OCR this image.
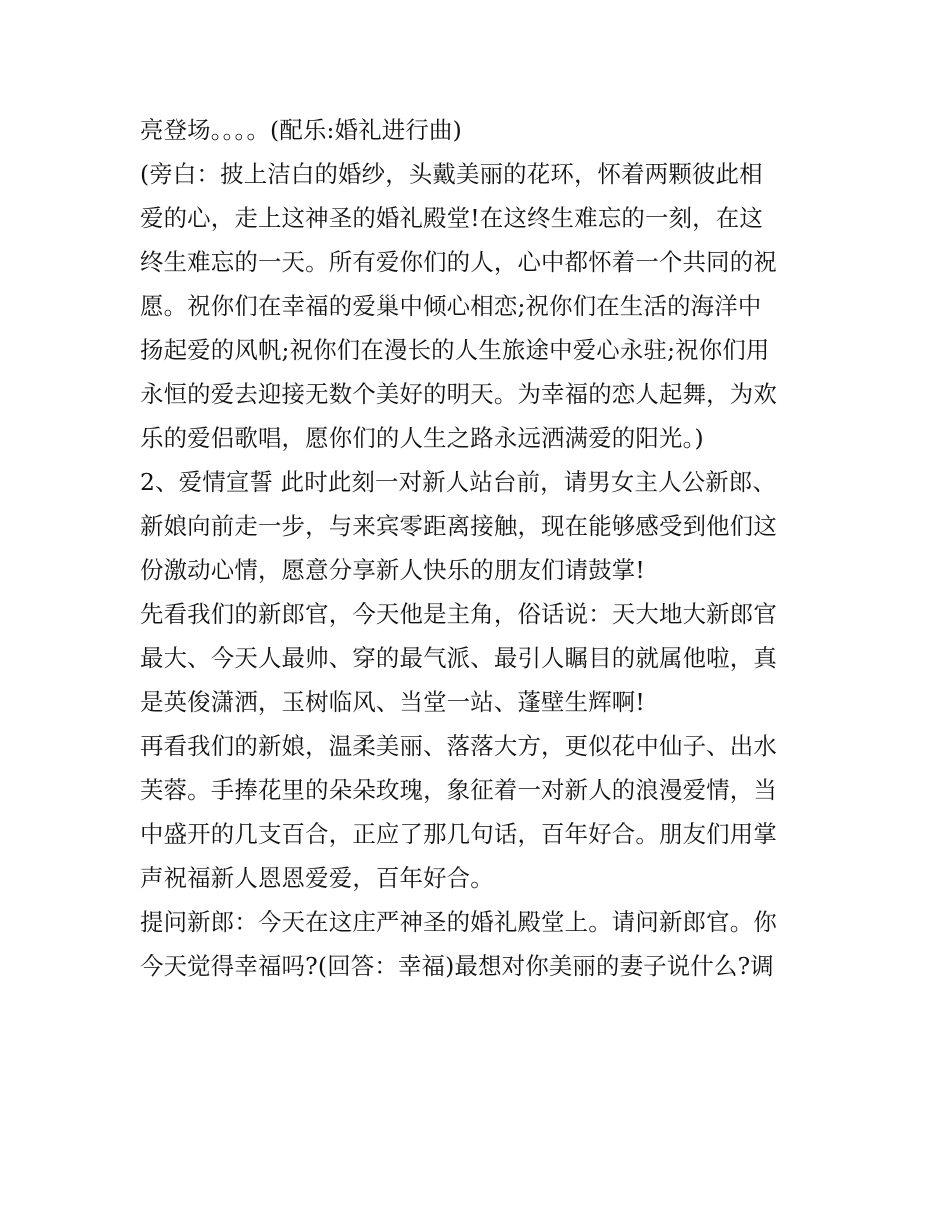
亮登场。。。。(配乐:婚礼进行曲)
(旁白：披上洁白的婚纱，头戴美丽的花环，怀着两颗彼此相
爱的心，走上这神圣的婚礼殿堂!在这终生难忘的一刻，在这
终生难忘的一天。所有爱你们的人，心中都怀着一个共同的祝
愿。祝你们在幸福的爱巢中倾心相恋;祝你们在生活的海洋中
扬起爱的风帆;祝你们在漫长的人生旅途中爱心永驻;祝你们用
永恒的爱去迎接无数个美好的明天。为幸福的恋人起舞，为欢
乐的爱侣歌唱，愿你们的人生之路永远洒满爱的阳光。)
2、爱情宣誓 此时此刻一对新人站台前，请男女主人公新郎、
新娘向前走一步，与来宾零距离接触，现在能够感受到他们这
份激动心情，愿意分享新人快乐的朋友们请鼓掌!
先看我们的新郎官，今天他是主角，俗话说：天大地大新郎官
最大、今天人最帅、穿的最气派、最引人瞩目的就属他啦，真
是英俊潇洒，玉树临风、当堂一站、蓬壁生辉啊!
再看我们的新娘，温柔美丽、落落大方，更似花中仙子、出水
芙蓉。手捧花里的朵朵玫瑰，象征着一对新人的浪漫爱情，当
中盛开的几支百合，正应了那几句话，百年好合。朋友们用掌
声祝福新人恩恩爱爱，百年好合。
提问新郎：今天在这庄严神圣的婚礼殿堂上。请问新郎官。你
今天觉得幸福吗?(回答：幸福)最想对你美丽的妻子说什么?调
